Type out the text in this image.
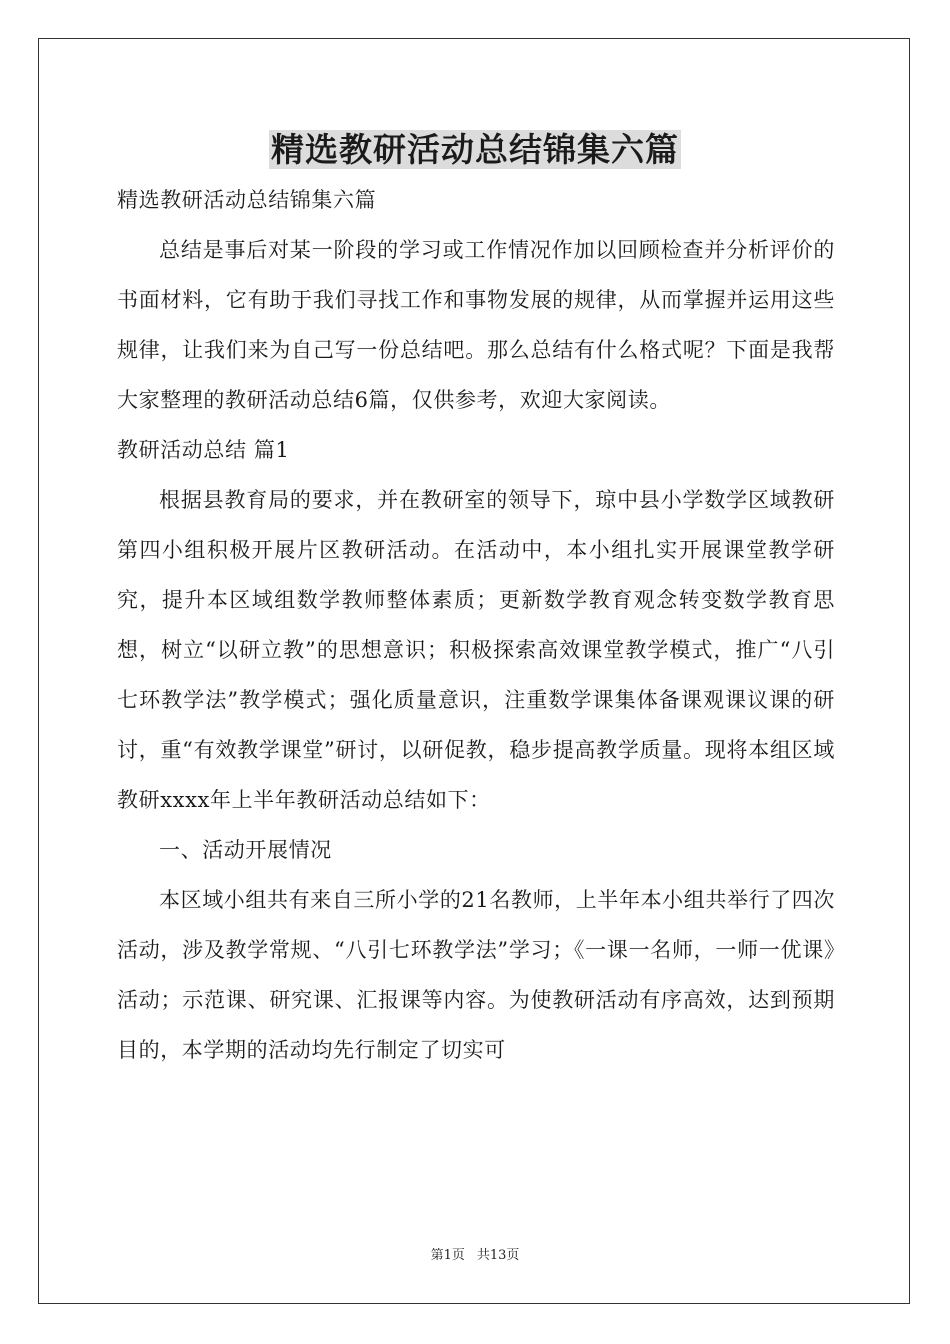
精选教研活动总结锦集六篇

精选教研活动总结锦集六篇

总结是事后对某一阶段的学习或工作情况作加以回顾检查并分析评价的书面材料，它有助于我们寻找工作和事物发展的规律，从而掌握并运用这些规律，让我们来为自己写一份总结吧。那么总结有什么格式呢？下面是我帮大家整理的教研活动总结6篇，仅供参考，欢迎大家阅读。

教研活动总结 篇1

根据县教育局的要求，并在教研室的领导下，琼中县小学数学区域教研第四小组积极开展片区教研活动。在活动中，本小组扎实开展课堂教学研究，提升本区域组数学教师整体素质；更新数学教育观念转变数学教育思想，树立“以研立教”的思想意识；积极探索高效课堂教学模式，推广“八引七环教学法”教学模式；强化质量意识，注重数学课集体备课观课议课的研讨，重“有效教学课堂”研讨，以研促教，稳步提高教学质量。现将本组区域教研xxxx年上半年教研活动总结如下：

一、活动开展情况

本区域小组共有来自三所小学的21名教师，上半年本小组共举行了四次活动，涉及教学常规、“八引七环教学法”学习；《一课一名师，一师一优课》活动；示范课、研究课、汇报课等内容。为使教研活动有序高效，达到预期目的，本学期的活动均先行制定了切实可

第1页 共13页
